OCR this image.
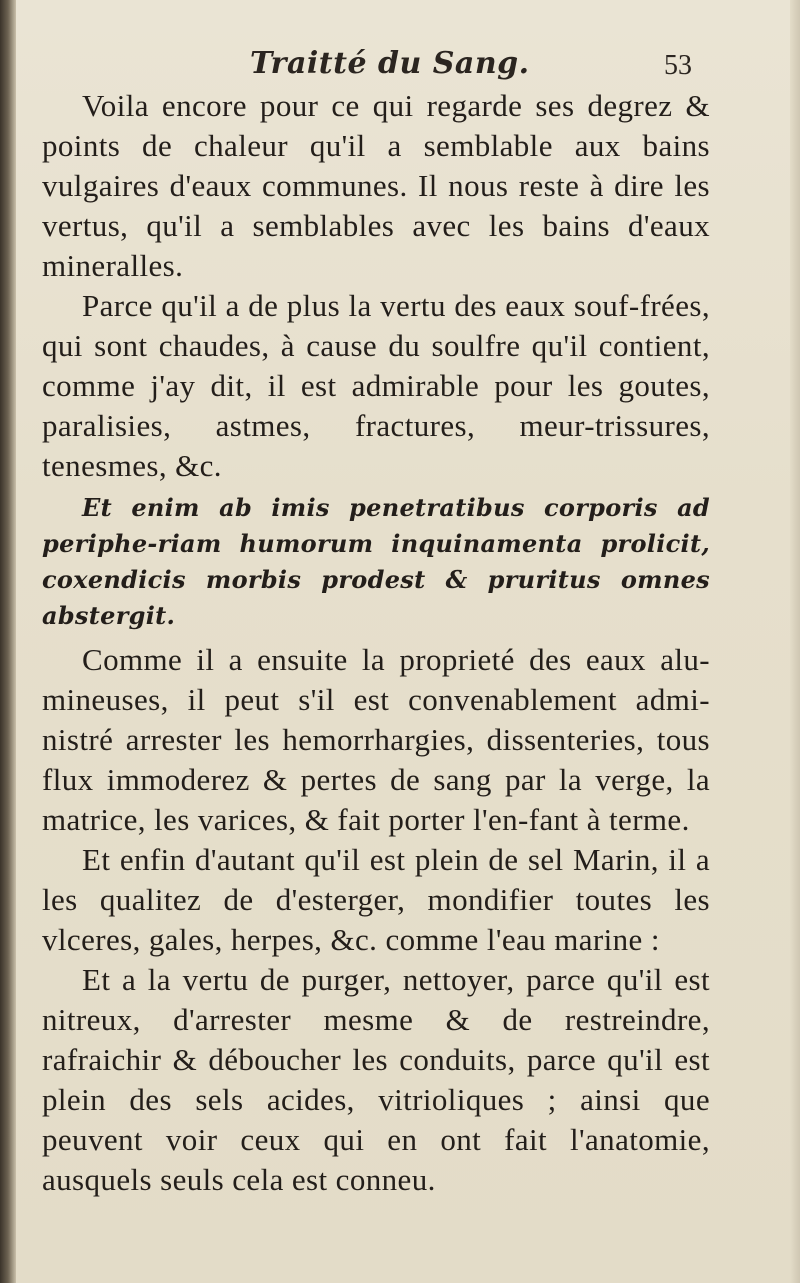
Traitté du Sang.	53

Voila encore pour ce qui regarde ses degrez & points de chaleur qu'il a semblable aux bains vulgaires d'eaux communes. Il nous reste à dire les vertus, qu'il a semblables avec les bains d'eaux mineralles.

Parce qu'il a de plus la vertu des eaux souf-frées, qui sont chaudes, à cause du soulfre qu'il contient, comme j'ay dit, il est admirable pour les goutes, paralisies, astmes, fractures, meur-trissures, tenesmes, &c.

Et enim ab imis penetratibus corporis ad periphe-riam humorum inquinamenta prolicit, coxendicis morbis prodest & pruritus omnes abstergit.

Comme il a ensuite la proprieté des eaux alu-mineuses, il peut s'il est convenablement admi-nistré arrester les hemorrhargies, dissenteries, tous flux immoderez & pertes de sang par la verge, la matrice, les varices, & fait porter l'en-fant à terme.

Et enfin d'autant qu'il est plein de sel Marin, il a les qualitez de d'esterger, mondifier toutes les vlceres, gales, herpes, &c. comme l'eau marine :

Et a la vertu de purger, nettoyer, parce qu'il est nitreux, d'arrester mesme & de restreindre, rafraichir & déboucher les conduits, parce qu'il est plein des sels acides, vitrioliques ; ainsi que peuvent voir ceux qui en ont fait l'anatomie, ausquels seuls cela est conneu.
